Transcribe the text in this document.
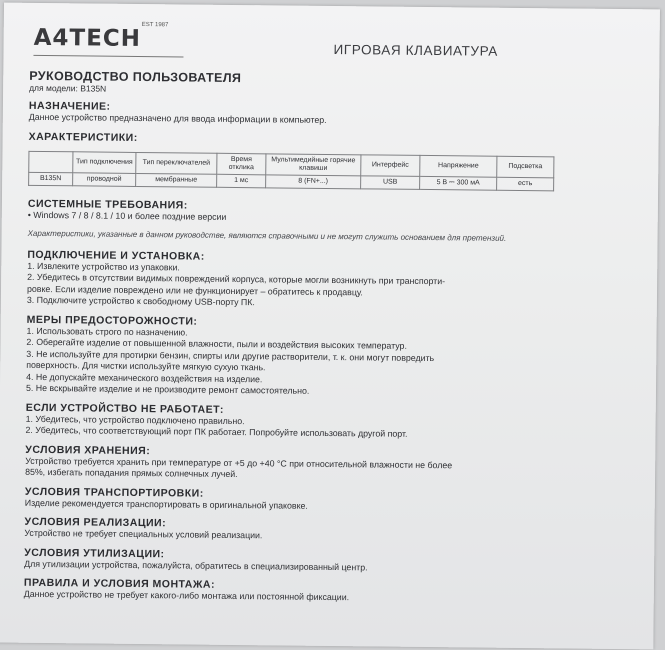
A4TECH EST 1987
ИГРОВАЯ КЛАВИАТУРА
РУКОВОДСТВО ПОЛЬЗОВАТЕЛЯ
для модели: B135N
НАЗНАЧЕНИЕ:

Данное устройство предназначено для ввода информации в компьютер.

ХАРАКТЕРИСТИКИ:
	Тип подключения	Тип переключателей	Время отклика	Мультимедийные горячие клавиши	Интерфейс	Напряжение	Подсветка
B135N	проводной	мембранные	1 мс	8 (FN+...)	USB	5 В ⎓ 300 мА	есть
СИСТЕМНЫЕ ТРЕБОВАНИЯ:

• Windows 7 / 8 / 8.1 / 10 и более поздние версии

Характеристики, указанные в данном руководстве, являются справочными и не могут служить основанием для претензий.

ПОДКЛЮЧЕНИЕ И УСТАНОВКА:
1. Извлеките устройство из упаковки.
2. Убедитесь в отсутствии видимых повреждений корпуса, которые могли возникнуть при транспорти-
ровке. Если изделие повреждено или не функционирует – обратитесь к продавцу.
3. Подключите устройство к свободному USB-порту ПК.
МЕРЫ ПРЕДОСТОРОЖНОСТИ:
1. Использовать строго по назначению.
2. Оберегайте изделие от повышенной влажности, пыли и воздействия высоких температур.
3. Не используйте для протирки бензин, спирты или другие растворители, т. к. они могут повредить
поверхность. Для чистки используйте мягкую сухую ткань.
4. Не допускайте механического воздействия на изделие.
5. Не вскрывайте изделие и не производите ремонт самостоятельно.
ЕСЛИ УСТРОЙСТВО НЕ РАБОТАЕТ:
1. Убедитесь, что устройство подключено правильно.
2. Убедитесь, что соответствующий порт ПК работает. Попробуйте использовать другой порт.
УСЛОВИЯ ХРАНЕНИЯ:
Устройство требуется хранить при температуре от +5 до +40 °C при относительной влажности не более
85%, избегать попадания прямых солнечных лучей.
УСЛОВИЯ ТРАНСПОРТИРОВКИ:

Изделие рекомендуется транспортировать в оригинальной упаковке.

УСЛОВИЯ РЕАЛИЗАЦИИ:

Устройство не требует специальных условий реализации.

УСЛОВИЯ УТИЛИЗАЦИИ:

Для утилизации устройства, пожалуйста, обратитесь в специализированный центр.

ПРАВИЛА И УСЛОВИЯ МОНТАЖА:

Данное устройство не требует какого-либо монтажа или постоянной фиксации.
